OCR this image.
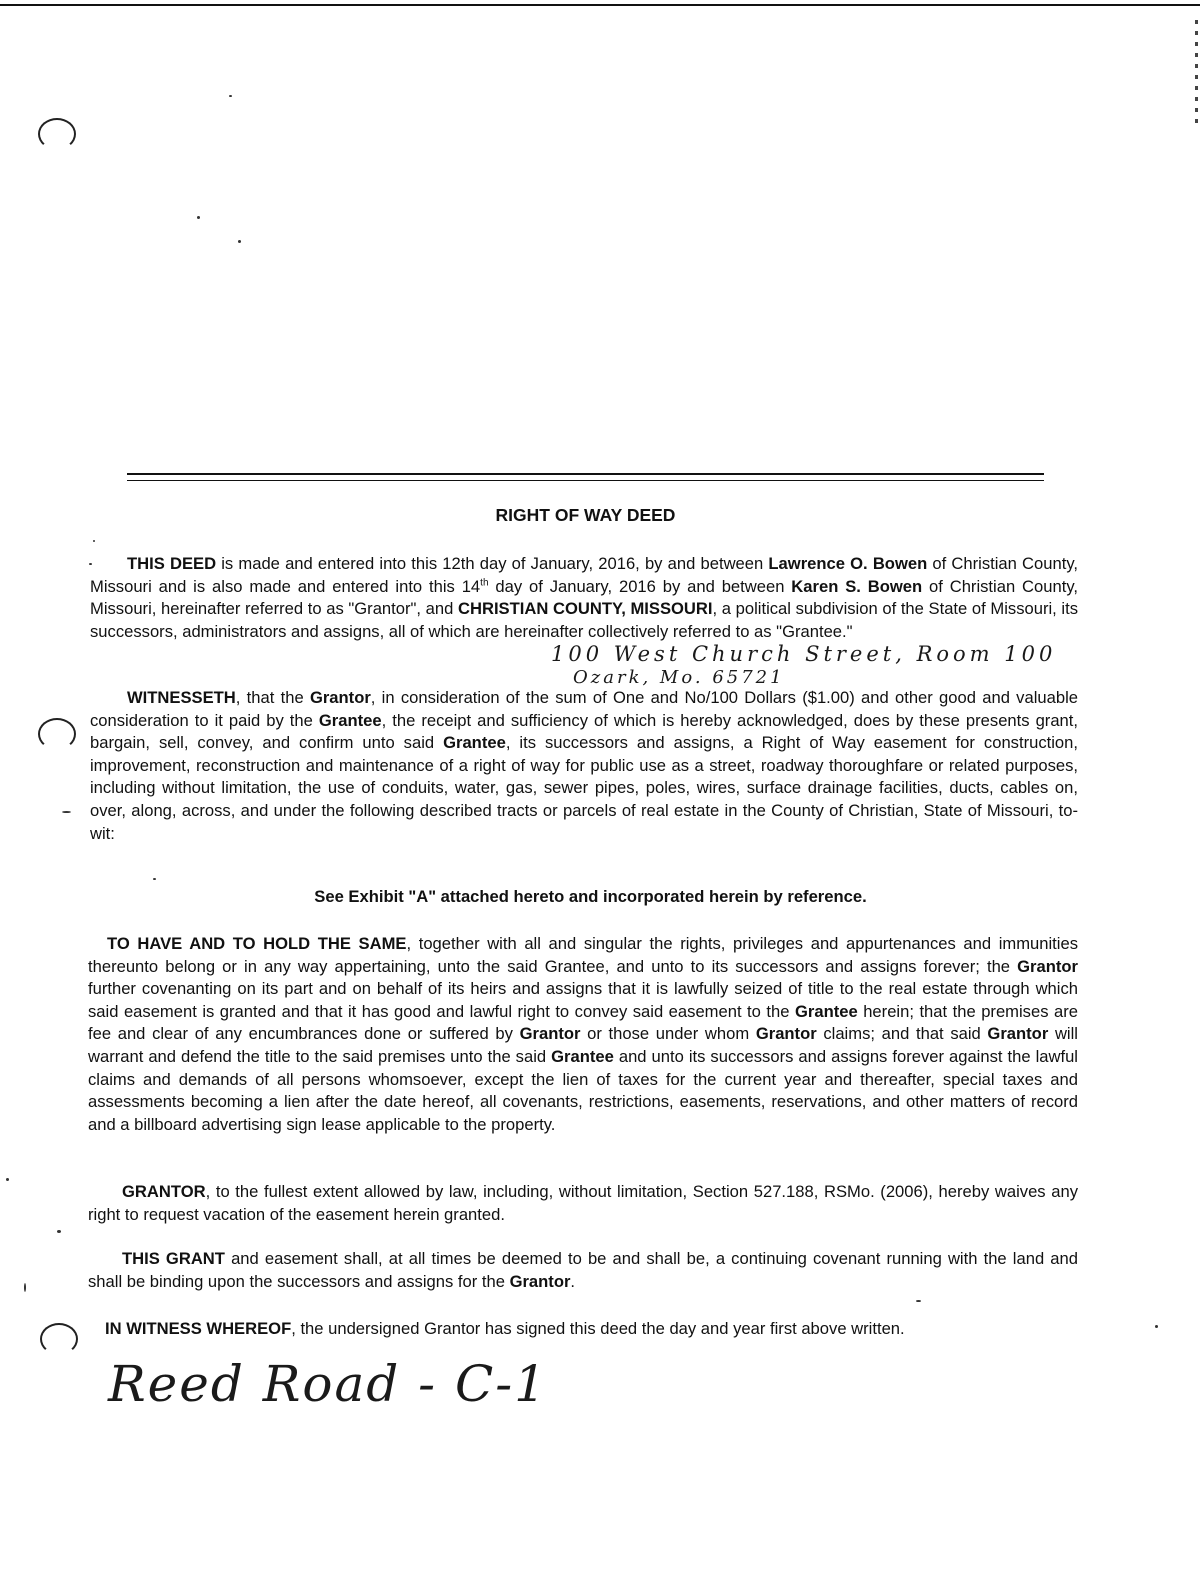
RIGHT OF WAY DEED
THIS DEED is made and entered into this 12th day of January, 2016, by and between Lawrence O. Bowen of Christian County, Missouri and is also made and entered into this 14th day of January, 2016 by and between Karen S. Bowen of Christian County, Missouri, hereinafter referred to as "Grantor", and CHRISTIAN COUNTY, MISSOURI, a political subdivision of the State of Missouri, its successors, administrators and assigns, all of which are hereinafter collectively referred to as "Grantee."
100 West Church Street, Room 100
Ozark, Mo. 65721
WITNESSETH, that the Grantor, in consideration of the sum of One and No/100 Dollars ($1.00) and other good and valuable consideration to it paid by the Grantee, the receipt and sufficiency of which is hereby acknowledged, does by these presents grant, bargain, sell, convey, and confirm unto said Grantee, its successors and assigns, a Right of Way easement for construction, improvement, reconstruction and maintenance of a right of way for public use as a street, roadway thoroughfare or related purposes, including without limitation, the use of conduits, water, gas, sewer pipes, poles, wires, surface drainage facilities, ducts, cables on, over, along, across, and under the following described tracts or parcels of real estate in the County of Christian, State of Missouri, to-wit:
See Exhibit "A" attached hereto and incorporated herein by reference.
TO HAVE AND TO HOLD THE SAME, together with all and singular the rights, privileges and appurtenances and immunities thereunto belong or in any way appertaining, unto the said Grantee, and unto to its successors and assigns forever; the Grantor further covenanting on its part and on behalf of its heirs and assigns that it is lawfully seized of title to the real estate through which said easement is granted and that it has good and lawful right to convey said easement to the Grantee herein; that the premises are fee and clear of any encumbrances done or suffered by Grantor or those under whom Grantor claims; and that said Grantor will warrant and defend the title to the said premises unto the said Grantee and unto its successors and assigns forever against the lawful claims and demands of all persons whomsoever, except the lien of taxes for the current year and thereafter, special taxes and assessments becoming a lien after the date hereof, all covenants, restrictions, easements, reservations, and other matters of record and a billboard advertising sign lease applicable to the property.
GRANTOR, to the fullest extent allowed by law, including, without limitation, Section 527.188, RSMo. (2006), hereby waives any right to request vacation of the easement herein granted.
THIS GRANT and easement shall, at all times be deemed to be and shall be, a continuing covenant running with the land and shall be binding upon the successors and assigns for the Grantor.
IN WITNESS WHEREOF, the undersigned Grantor has signed this deed the day and year first above written.
Reed Road - C-1
